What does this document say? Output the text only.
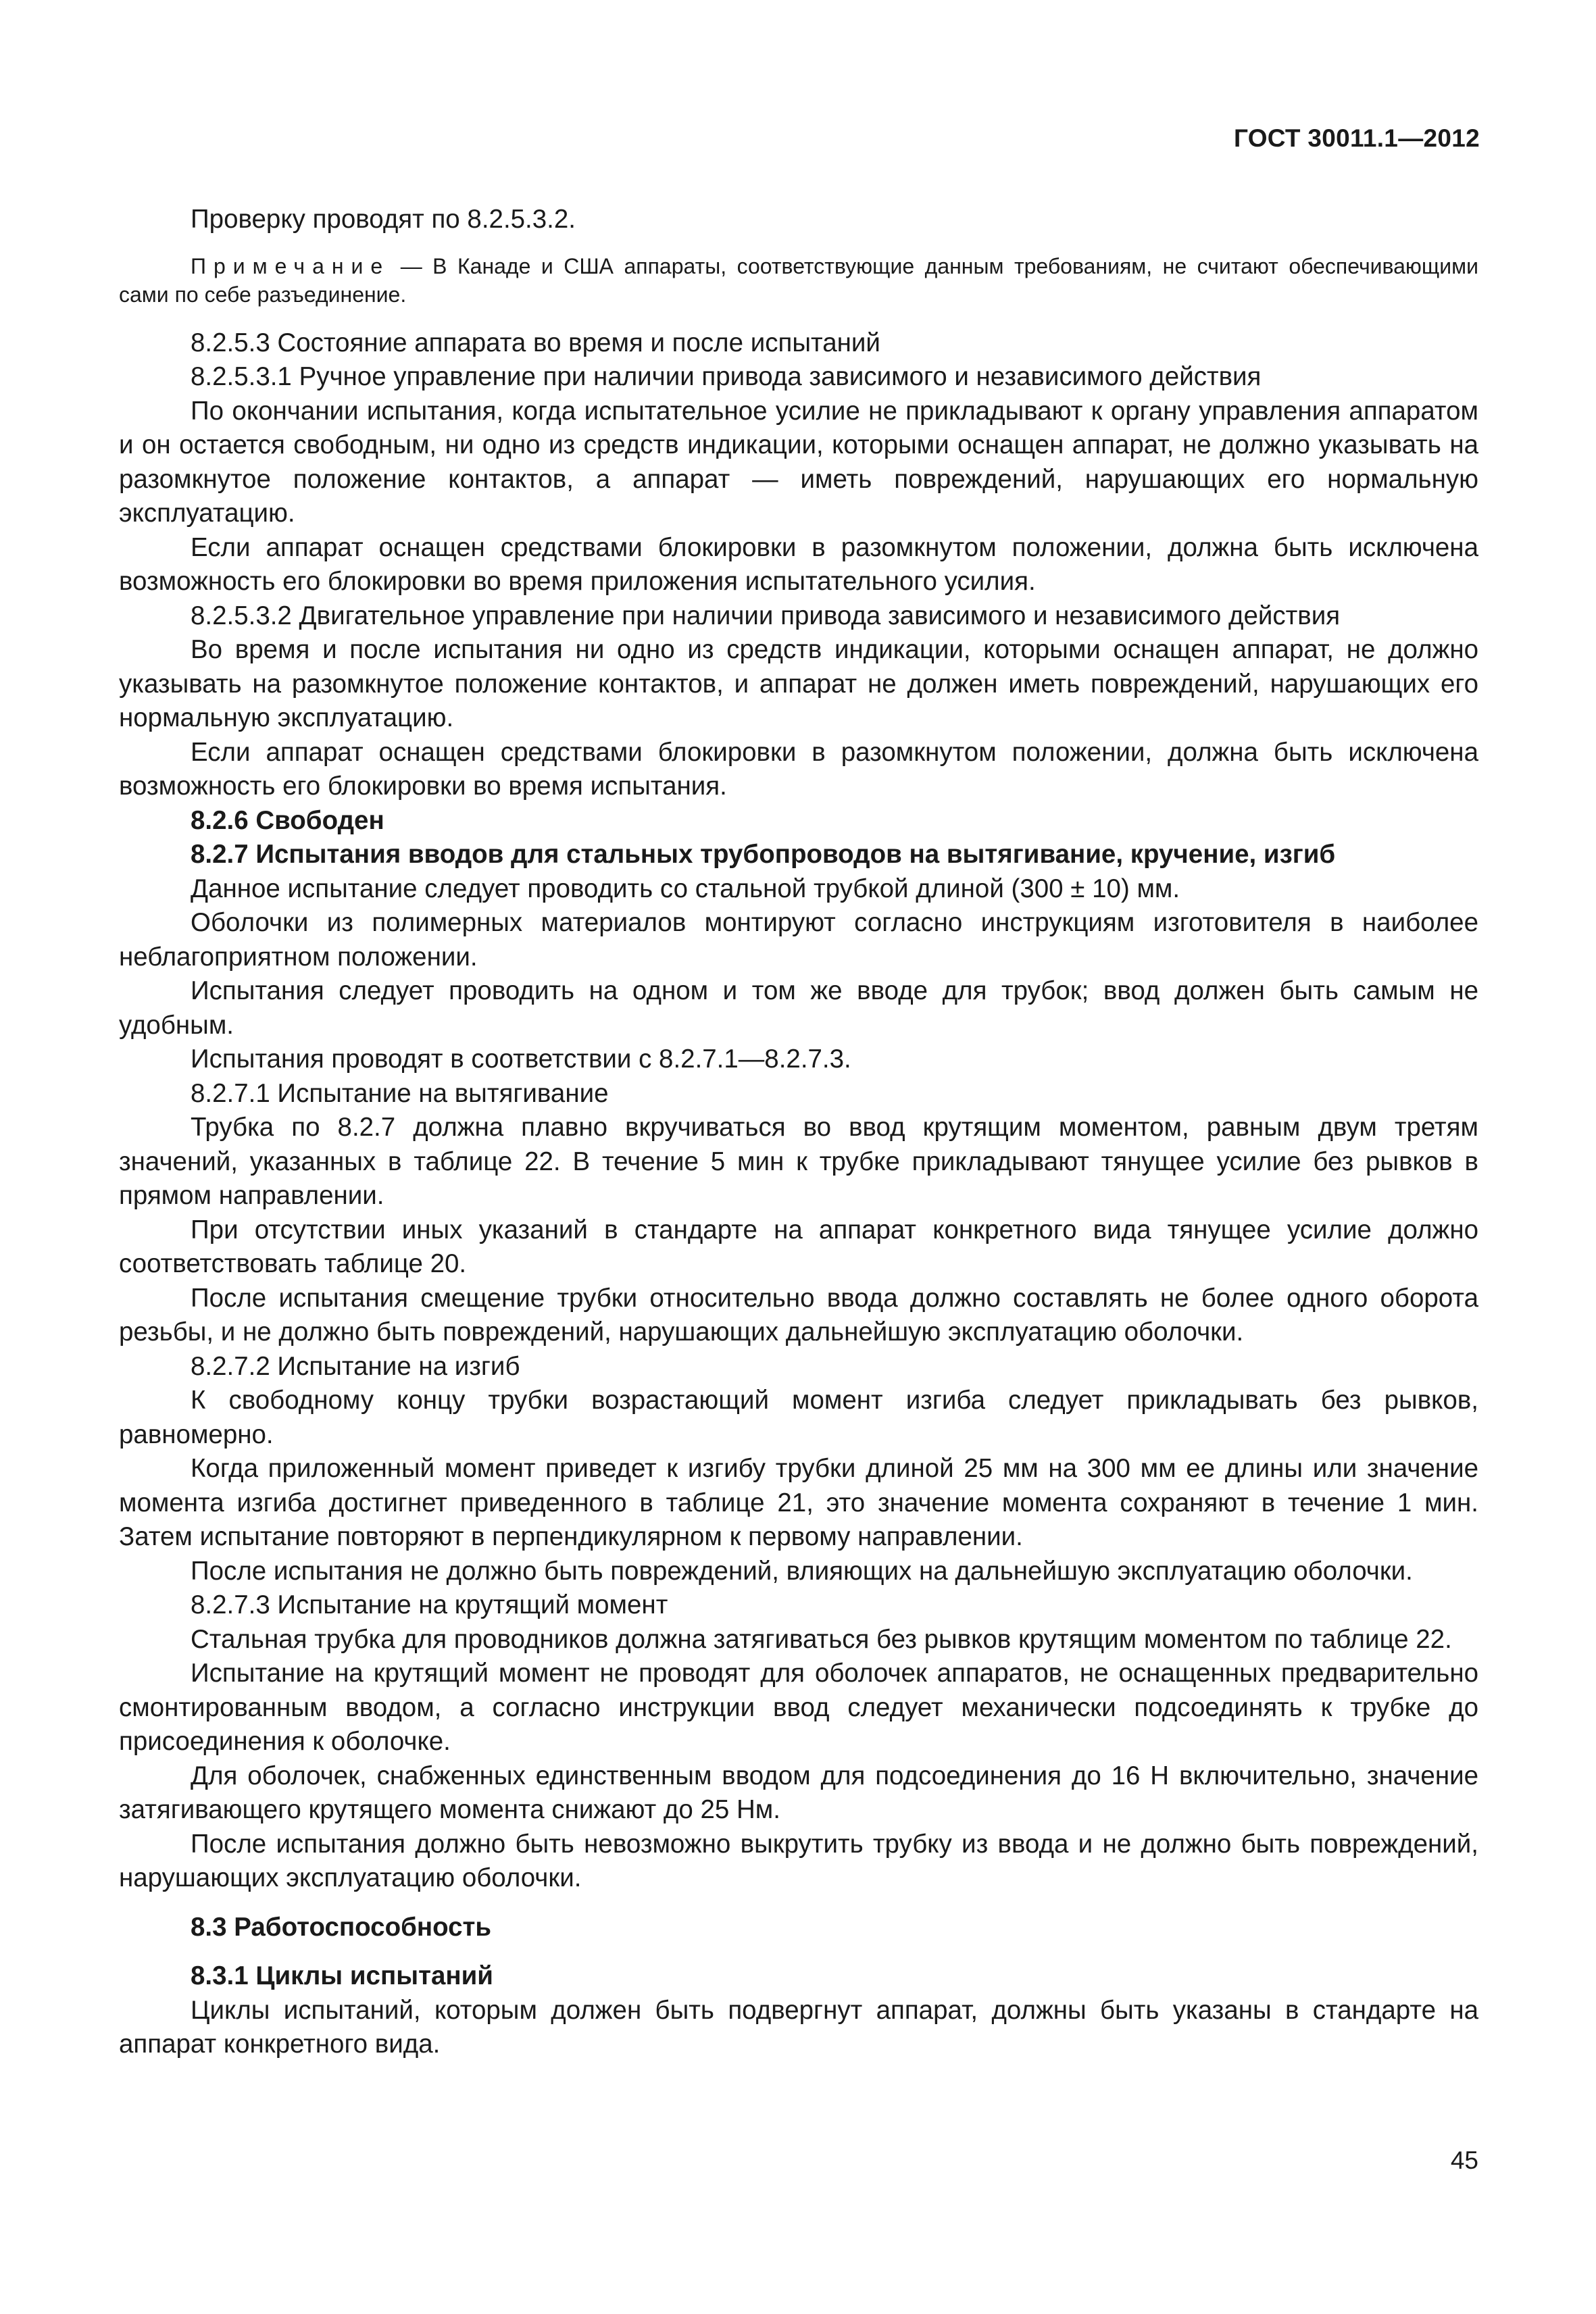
ГОСТ 30011.1—2012

Проверку проводят по 8.2.5.3.2.

Примечание — В Канаде и США аппараты, соответствующие данным требованиям, не считают обеспечивающими сами по себе разъединение.

8.2.5.3 Состояние аппарата во время и после испытаний

8.2.5.3.1 Ручное управление при наличии привода зависимого и независимого действия

По окончании испытания, когда испытательное усилие не прикладывают к органу управления аппаратом и он остается свободным, ни одно из средств индикации, которыми оснащен аппарат, не должно указывать на разомкнутое положение контактов, а аппарат — иметь повреждений, нарушающих его нормальную эксплуатацию.

Если аппарат оснащен средствами блокировки в разомкнутом положении, должна быть исключена возможность его блокировки во время приложения испытательного усилия.

8.2.5.3.2 Двигательное управление при наличии привода зависимого и независимого действия

Во время и после испытания ни одно из средств индикации, которыми оснащен аппарат, не должно указывать на разомкнутое положение контактов, и аппарат не должен иметь повреждений, нарушающих его нормальную эксплуатацию.

Если аппарат оснащен средствами блокировки в разомкнутом положении, должна быть исключена возможность его блокировки во время испытания.

8.2.6 Свободен

8.2.7 Испытания вводов для стальных трубопроводов на вытягивание, кручение, изгиб

Данное испытание следует проводить со стальной трубкой длиной (300 ± 10) мм.

Оболочки из полимерных материалов монтируют согласно инструкциям изготовителя в наиболее неблагоприятном положении.

Испытания следует проводить на одном и том же вводе для трубок; ввод должен быть самым не удобным.

Испытания проводят в соответствии с 8.2.7.1—8.2.7.3.

8.2.7.1 Испытание на вытягивание

Трубка по 8.2.7 должна плавно вкручиваться во ввод крутящим моментом, равным двум третям значений, указанных в таблице 22. В течение 5 мин к трубке прикладывают тянущее усилие без рывков в прямом направлении.

При отсутствии иных указаний в стандарте на аппарат конкретного вида тянущее усилие должно соответствовать таблице 20.

После испытания смещение трубки относительно ввода должно составлять не более одного оборота резьбы, и не должно быть повреждений, нарушающих дальнейшую эксплуатацию оболочки.

8.2.7.2 Испытание на изгиб

К свободному концу трубки возрастающий момент изгиба следует прикладывать без рывков, равномерно.

Когда приложенный момент приведет к изгибу трубки длиной 25 мм на 300 мм ее длины или значение момента изгиба достигнет приведенного в таблице 21, это значение момента сохраняют в течение 1 мин. Затем испытание повторяют в перпендикулярном к первому направлении.

После испытания не должно быть повреждений, влияющих на дальнейшую эксплуатацию оболочки.

8.2.7.3 Испытание на крутящий момент

Стальная трубка для проводников должна затягиваться без рывков крутящим моментом по таблице 22.

Испытание на крутящий момент не проводят для оболочек аппаратов, не оснащенных предварительно смонтированным вводом, а согласно инструкции ввод следует механически подсоединять к трубке до присоединения к оболочке.

Для оболочек, снабженных единственным вводом для подсоединения до 16 Н включительно, значение затягивающего крутящего момента снижают до 25 Нм.

После испытания должно быть невозможно выкрутить трубку из ввода и не должно быть повреждений, нарушающих эксплуатацию оболочки.

8.3 Работоспособность

8.3.1 Циклы испытаний

Циклы испытаний, которым должен быть подвергнут аппарат, должны быть указаны в стандарте на аппарат конкретного вида.

45
